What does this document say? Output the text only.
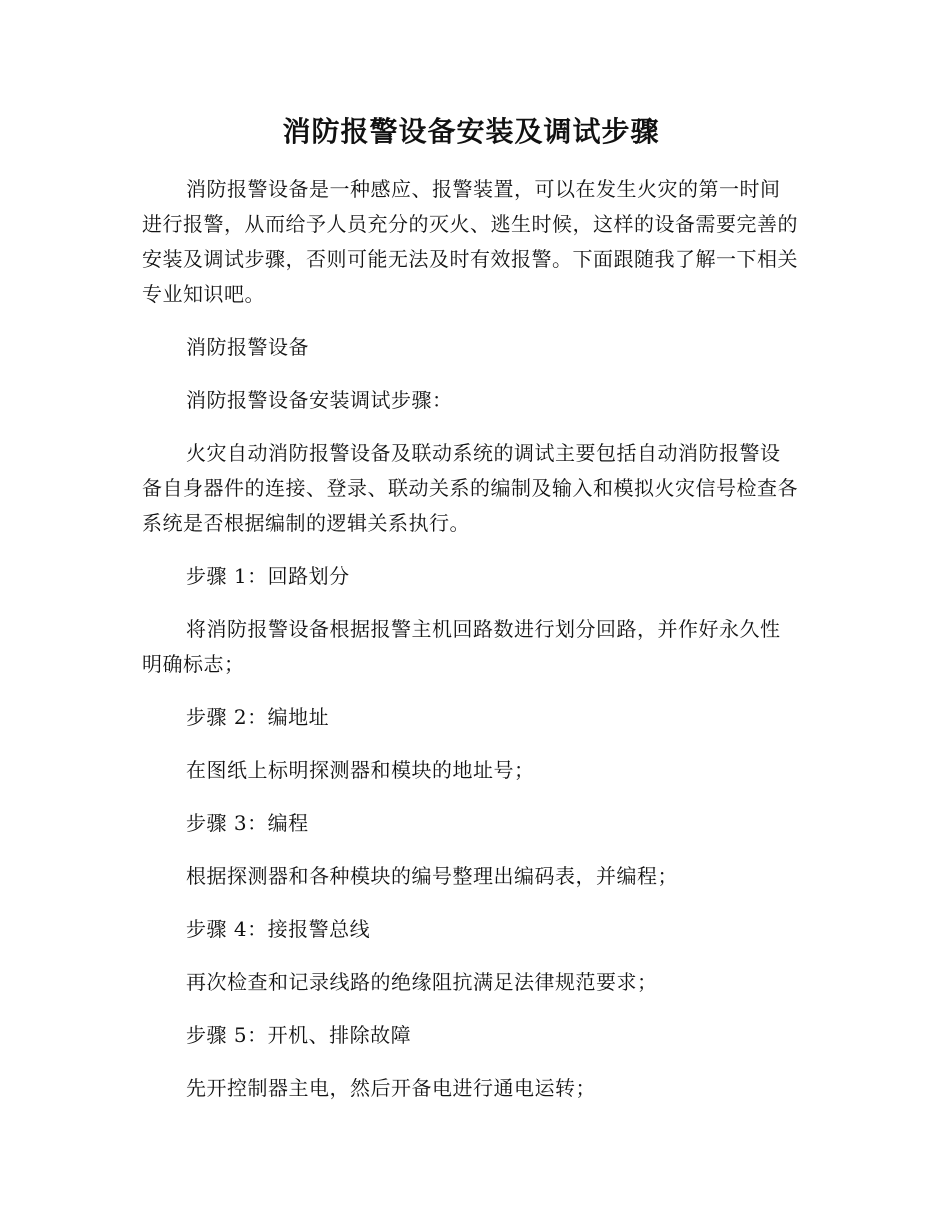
消防报警设备安装及调试步骤

消防报警设备是一种感应、报警装置，可以在发生火灾的第一时间进行报警，从而给予人员充分的灭火、逃生时候，这样的设备需要完善的安装及调试步骤，否则可能无法及时有效报警。下面跟随我了解一下相关专业知识吧。

消防报警设备

消防报警设备安装调试步骤：

火灾自动消防报警设备及联动系统的调试主要包括自动消防报警设备自身器件的连接、登录、联动关系的编制及输入和模拟火灾信号检查各系统是否根据编制的逻辑关系执行。

步骤 1：回路划分

将消防报警设备根据报警主机回路数进行划分回路，并作好永久性明确标志；

步骤 2：编地址

在图纸上标明探测器和模块的地址号；

步骤 3：编程

根据探测器和各种模块的编号整理出编码表，并编程；

步骤 4：接报警总线

再次检查和记录线路的绝缘阻抗满足法律规范要求；

步骤 5：开机、排除故障

先开控制器主电，然后开备电进行通电运转；
